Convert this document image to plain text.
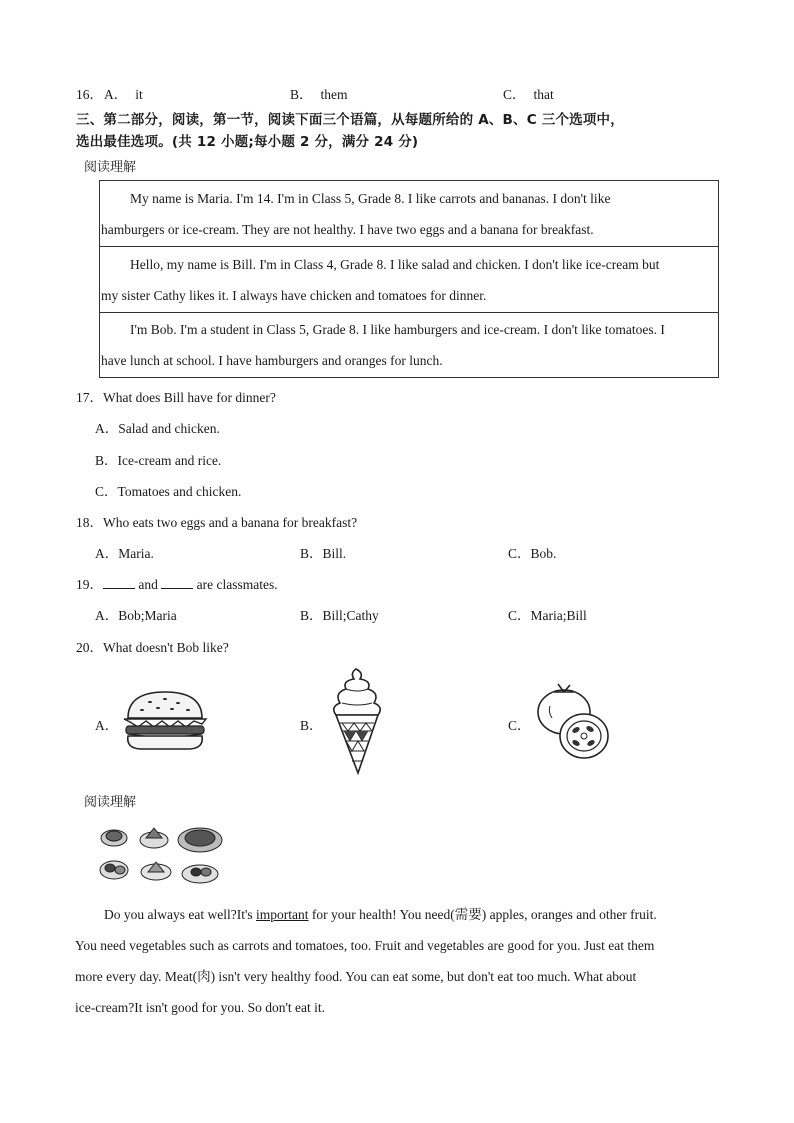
16． A． it	B． them	C． that
三、第二部分，阅读，第一节，阅读下面三个语篇，从每题所给的 A、B、C 三个选项中，
选出最佳选项。(共 12 小题;每小题 2 分，满分 24 分)
阅读理解
My name is Maria. I'm 14. I'm in Class 5, Grade 8. I like carrots and bananas. I don't like
hamburgers or ice-cream. They are not healthy. I have two eggs and a banana for breakfast.
Hello, my name is Bill. I'm in Class 4, Grade 8. I like salad and chicken. I don't like ice-cream but
my sister Cathy likes it. I always have chicken and tomatoes for dinner.
I'm Bob. I'm a student in Class 5, Grade 8. I like hamburgers and ice-cream. I don't like tomatoes. I
have lunch at school. I have hamburgers and oranges for lunch.
17．What does Bill have for dinner?
A．Salad and chicken.
B．Ice-cream and rice.
C．Tomatoes and chicken.
18．Who eats two eggs and a banana for breakfast?
A．Maria.	B．Bill.	C．Bob.
19．	and	are classmates.
A．Bob;Maria	B．Bill;Cathy	C．Maria;Bill
20．What doesn't Bob like?
A．	B．	C．
阅读理解
Do you always eat well?It's important for your health! You need(需要) apples, oranges and other fruit.
You need vegetables such as carrots and tomatoes, too. Fruit and vegetables are good for you. Just eat them
more every day. Meat(肉) isn't very healthy food. You can eat some, but don't eat too much. What about
ice-cream?It isn't good for you. So don't eat it.
